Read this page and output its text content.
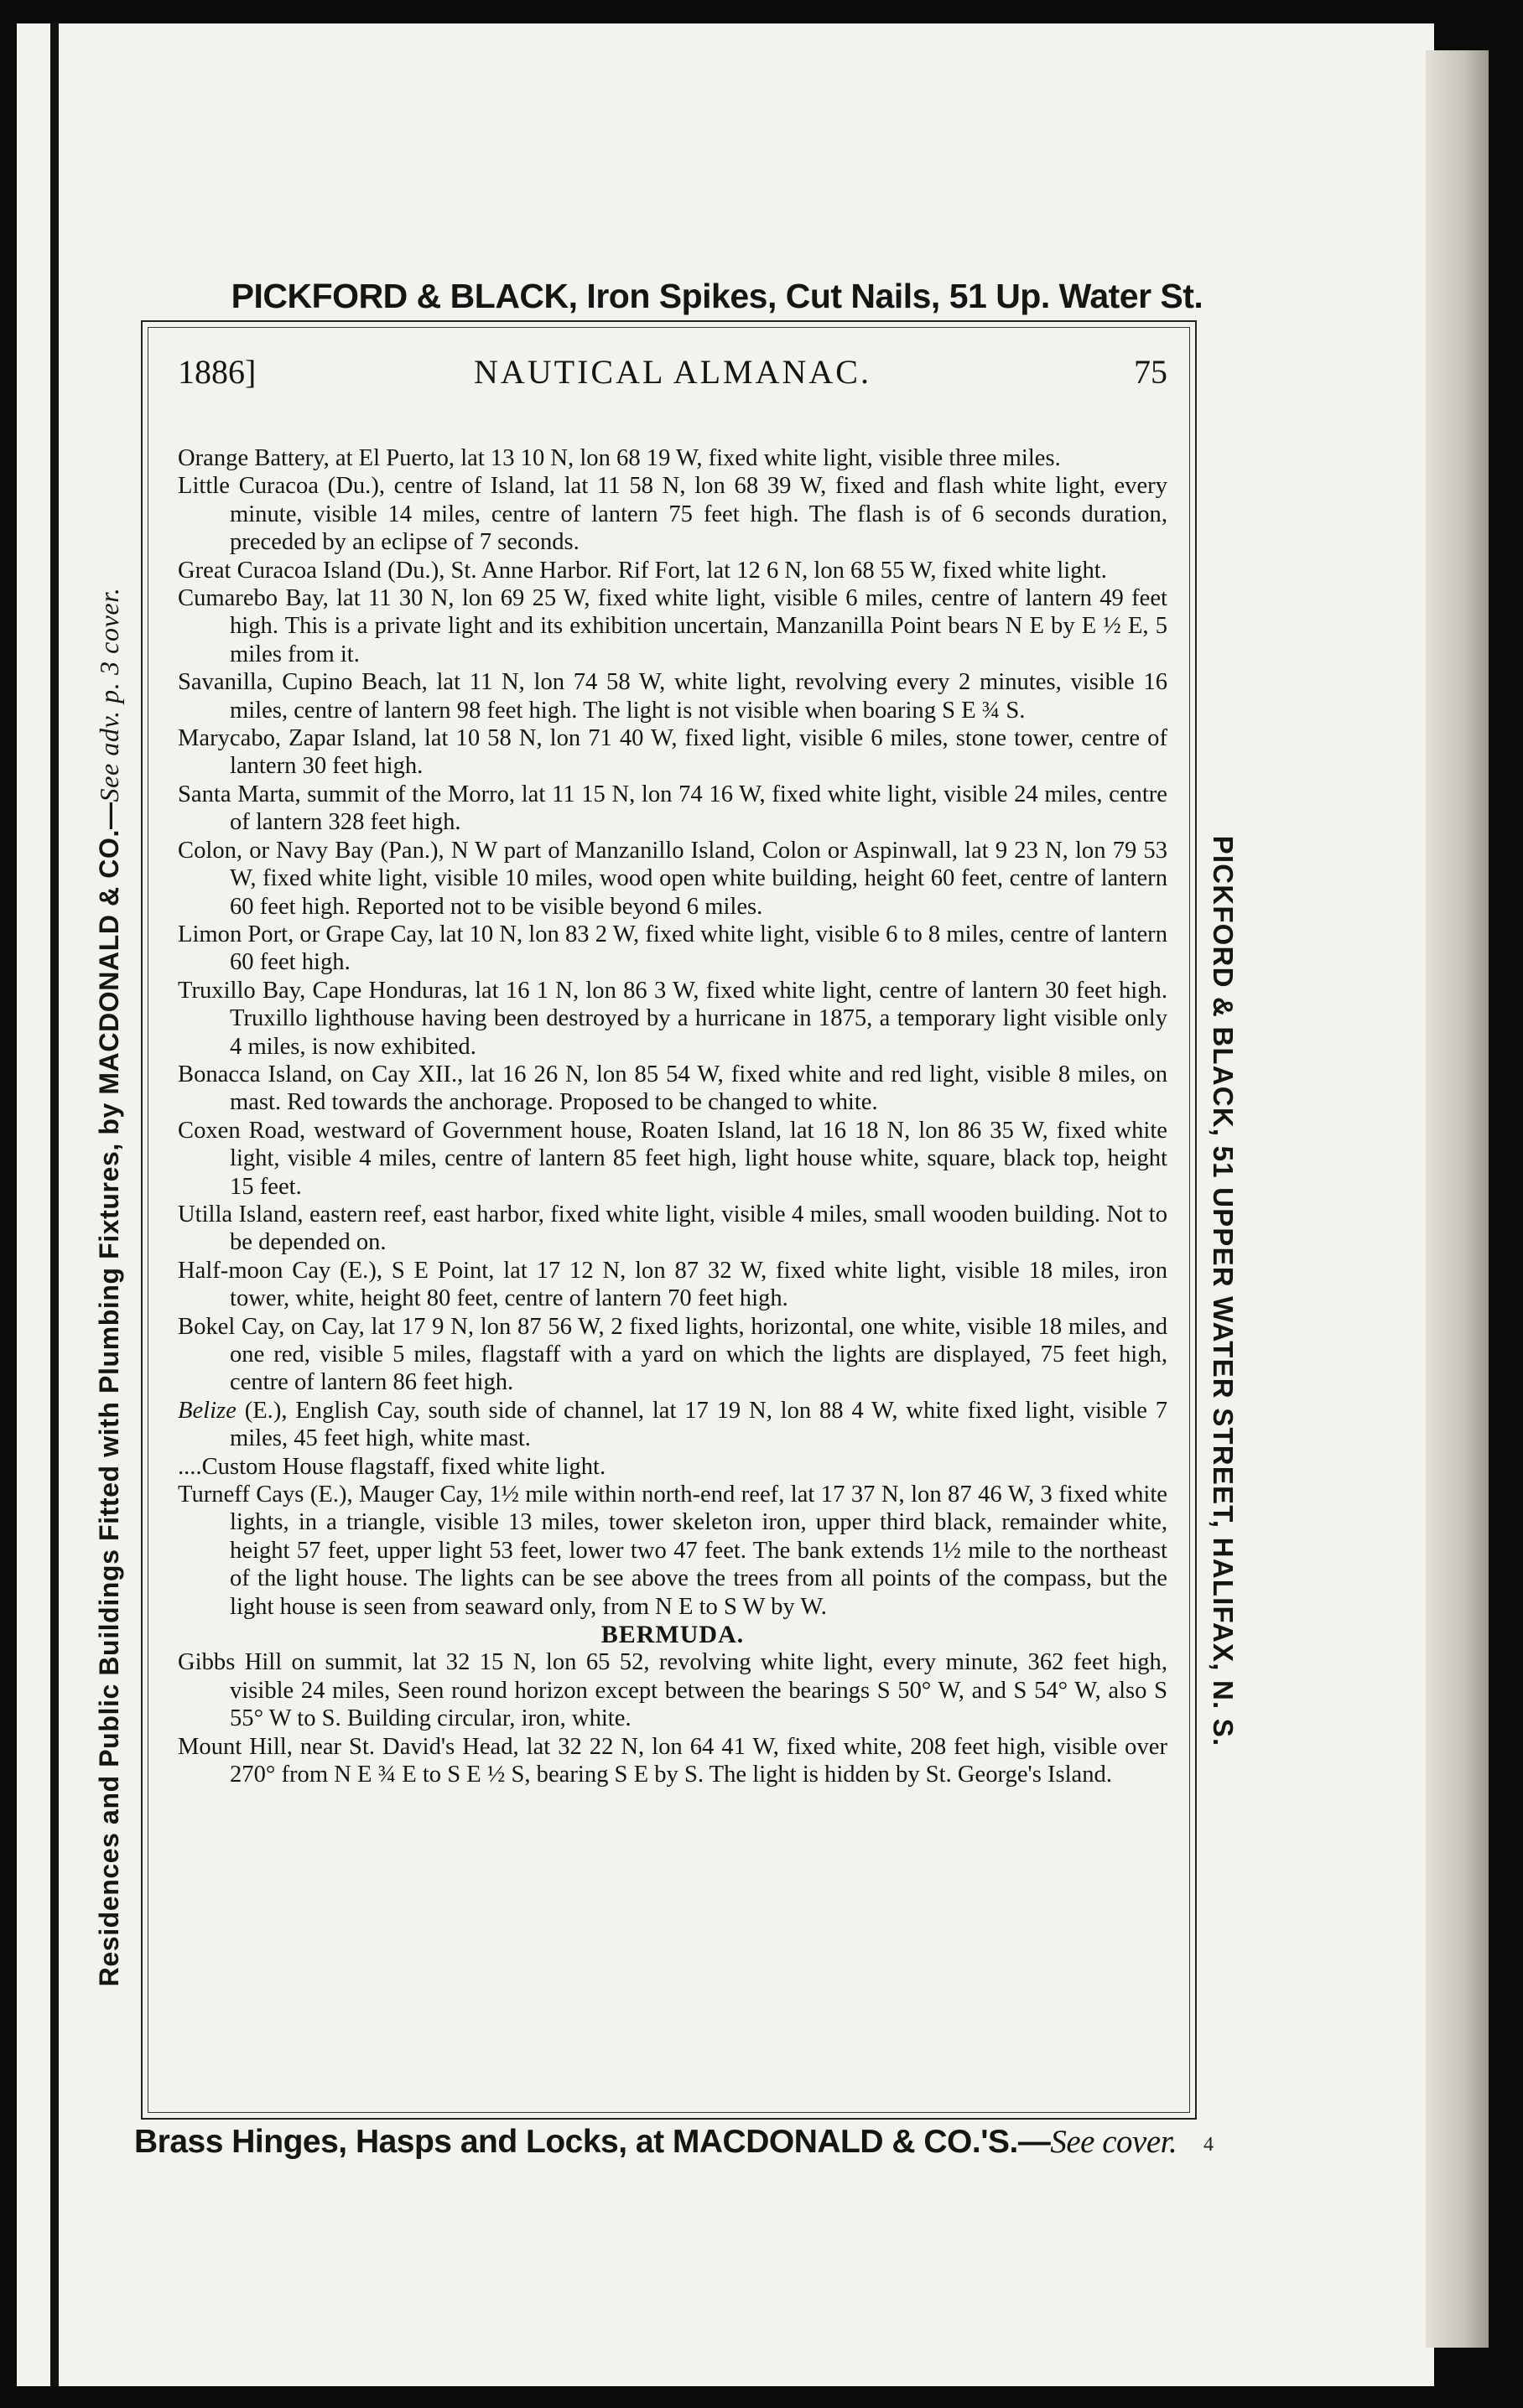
PICKFORD & BLACK, Iron Spikes, Cut Nails, 51 Up. Water St.
Residences and Public Buildings Fitted with Plumbing Fixtures, by MACDONALD & CO.—See adv. p. 3 cover.
PICKFORD & BLACK, 51 UPPER WATER STREET, HALIFAX, N. S.
1886]	NAUTICAL ALMANAC.	75

Orange Battery, at El Puerto, lat 13 10 N, lon 68 19 W, fixed white light, visible three miles.

Little Curacoa (Du.), centre of Island, lat 11 58 N, lon 68 39 W, fixed and flash white light, every minute, visible 14 miles, centre of lantern 75 feet high. The flash is of 6 seconds duration, preceded by an eclipse of 7 seconds.

Great Curacoa Island (Du.), St. Anne Harbor. Rif Fort, lat 12 6 N, lon 68 55 W, fixed white light.

Cumarebo Bay, lat 11 30 N, lon 69 25 W, fixed white light, visible 6 miles, centre of lantern 49 feet high. This is a private light and its exhibition uncertain, Manzanilla Point bears N E by E ½ E, 5 miles from it.

Savanilla, Cupino Beach, lat 11 N, lon 74 58 W, white light, revolving every 2 minutes, visible 16 miles, centre of lantern 98 feet high. The light is not visible when boaring S E ¾ S.

Marycabo, Zapar Island, lat 10 58 N, lon 71 40 W, fixed light, visible 6 miles, stone tower, centre of lantern 30 feet high.

Santa Marta, summit of the Morro, lat 11 15 N, lon 74 16 W, fixed white light, visible 24 miles, centre of lantern 328 feet high.

Colon, or Navy Bay (Pan.), N W part of Manzanillo Island, Colon or Aspinwall, lat 9 23 N, lon 79 53 W, fixed white light, visible 10 miles, wood open white building, height 60 feet, centre of lantern 60 feet high. Reported not to be visible beyond 6 miles.

Limon Port, or Grape Cay, lat 10 N, lon 83 2 W, fixed white light, visible 6 to 8 miles, centre of lantern 60 feet high.

Truxillo Bay, Cape Honduras, lat 16 1 N, lon 86 3 W, fixed white light, centre of lantern 30 feet high. Truxillo lighthouse having been destroyed by a hurricane in 1875, a temporary light visible only 4 miles, is now exhibited.

Bonacca Island, on Cay XII., lat 16 26 N, lon 85 54 W, fixed white and red light, visible 8 miles, on mast. Red towards the anchorage. Proposed to be changed to white.

Coxen Road, westward of Government house, Roaten Island, lat 16 18 N, lon 86 35 W, fixed white light, visible 4 miles, centre of lantern 85 feet high, light house white, square, black top, height 15 feet.

Utilla Island, eastern reef, east harbor, fixed white light, visible 4 miles, small wooden building. Not to be depended on.

Half-moon Cay (E.), S E Point, lat 17 12 N, lon 87 32 W, fixed white light, visible 18 miles, iron tower, white, height 80 feet, centre of lantern 70 feet high.

Bokel Cay, on Cay, lat 17 9 N, lon 87 56 W, 2 fixed lights, horizontal, one white, visible 18 miles, and one red, visible 5 miles, flagstaff with a yard on which the lights are displayed, 75 feet high, centre of lantern 86 feet high.

Belize (E.), English Cay, south side of channel, lat 17 19 N, lon 88 4 W, white fixed light, visible 7 miles, 45 feet high, white mast.

....Custom House flagstaff, fixed white light.

Turneff Cays (E.), Mauger Cay, 1½ mile within north-end reef, lat 17 37 N, lon 87 46 W, 3 fixed white lights, in a triangle, visible 13 miles, tower skeleton iron, upper third black, remainder white, height 57 feet, upper light 53 feet, lower two 47 feet. The bank extends 1½ mile to the northeast of the light house. The lights can be see above the trees from all points of the compass, but the light house is seen from seaward only, from N E to S W by W.

BERMUDA.

Gibbs Hill on summit, lat 32 15 N, lon 65 52, revolving white light, every minute, 362 feet high, visible 24 miles, Seen round horizon except between the bearings S 50° W, and S 54° W, also S 55° W to S. Building circular, iron, white.

Mount Hill, near St. David's Head, lat 32 22 N, lon 64 41 W, fixed white, 208 feet high, visible over 270° from N E ¾ E to S E ½ S, bearing S E by S. The light is hidden by St. George's Island.

4
Brass Hinges, Hasps and Locks, at MACDONALD & CO.'S.—See cover.
